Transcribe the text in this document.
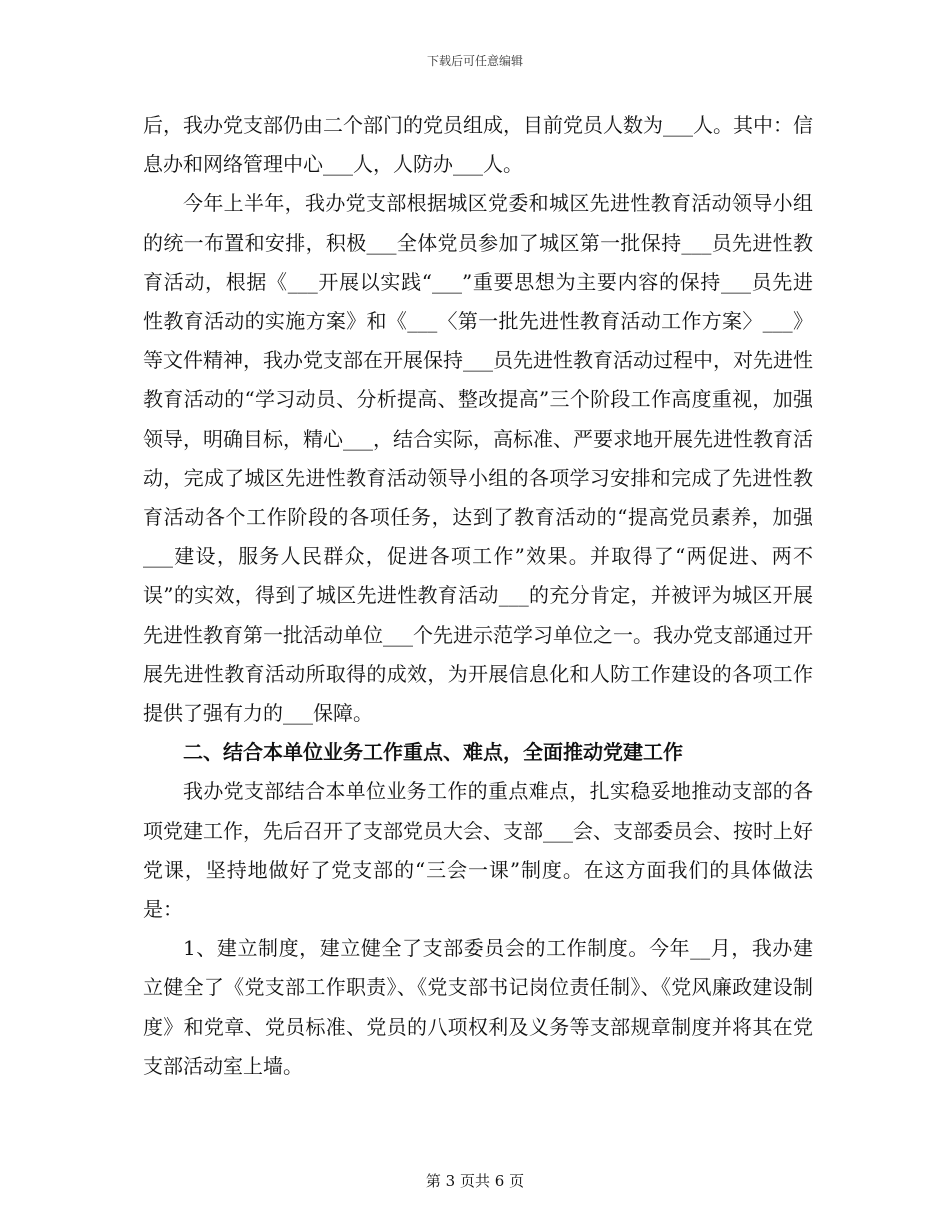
下载后可任意编辑

后，我办党支部仍由二个部门的党员组成，目前党员人数为___人。其中：信息办和网络管理中心___人，人防办___人。

今年上半年，我办党支部根据城区党委和城区先进性教育活动领导小组的统一布置和安排，积极___全体党员参加了城区第一批保持___员先进性教育活动，根据《___开展以实践“___”重要思想为主要内容的保持___员先进性教育活动的实施方案》和《___〈第一批先进性教育活动工作方案〉___》等文件精神，我办党支部在开展保持___员先进性教育活动过程中，对先进性教育活动的“学习动员、分析提高、整改提高”三个阶段工作高度重视，加强领导，明确目标，精心___，结合实际，高标准、严要求地开展先进性教育活动，完成了城区先进性教育活动领导小组的各项学习安排和完成了先进性教育活动各个工作阶段的各项任务，达到了教育活动的“提高党员素养，加强___建设，服务人民群众，促进各项工作”效果。并取得了“两促进、两不误”的实效，得到了城区先进性教育活动___的充分肯定，并被评为城区开展先进性教育第一批活动单位___个先进示范学习单位之一。我办党支部通过开展先进性教育活动所取得的成效，为开展信息化和人防工作建设的各项工作提供了强有力的___保障。

二、结合本单位业务工作重点、难点，全面推动党建工作

我办党支部结合本单位业务工作的重点难点，扎实稳妥地推动支部的各项党建工作，先后召开了支部党员大会、支部___会、支部委员会、按时上好党课，坚持地做好了党支部的“三会一课”制度。在这方面我们的具体做法是：

1、建立制度，建立健全了支部委员会的工作制度。今年__月，我办建立健全了《党支部工作职责》、《党支部书记岗位责任制》、《党风廉政建设制度》和党章、党员标准、党员的八项权利及义务等支部规章制度并将其在党支部活动室上墙。

第 3 页共 6 页
